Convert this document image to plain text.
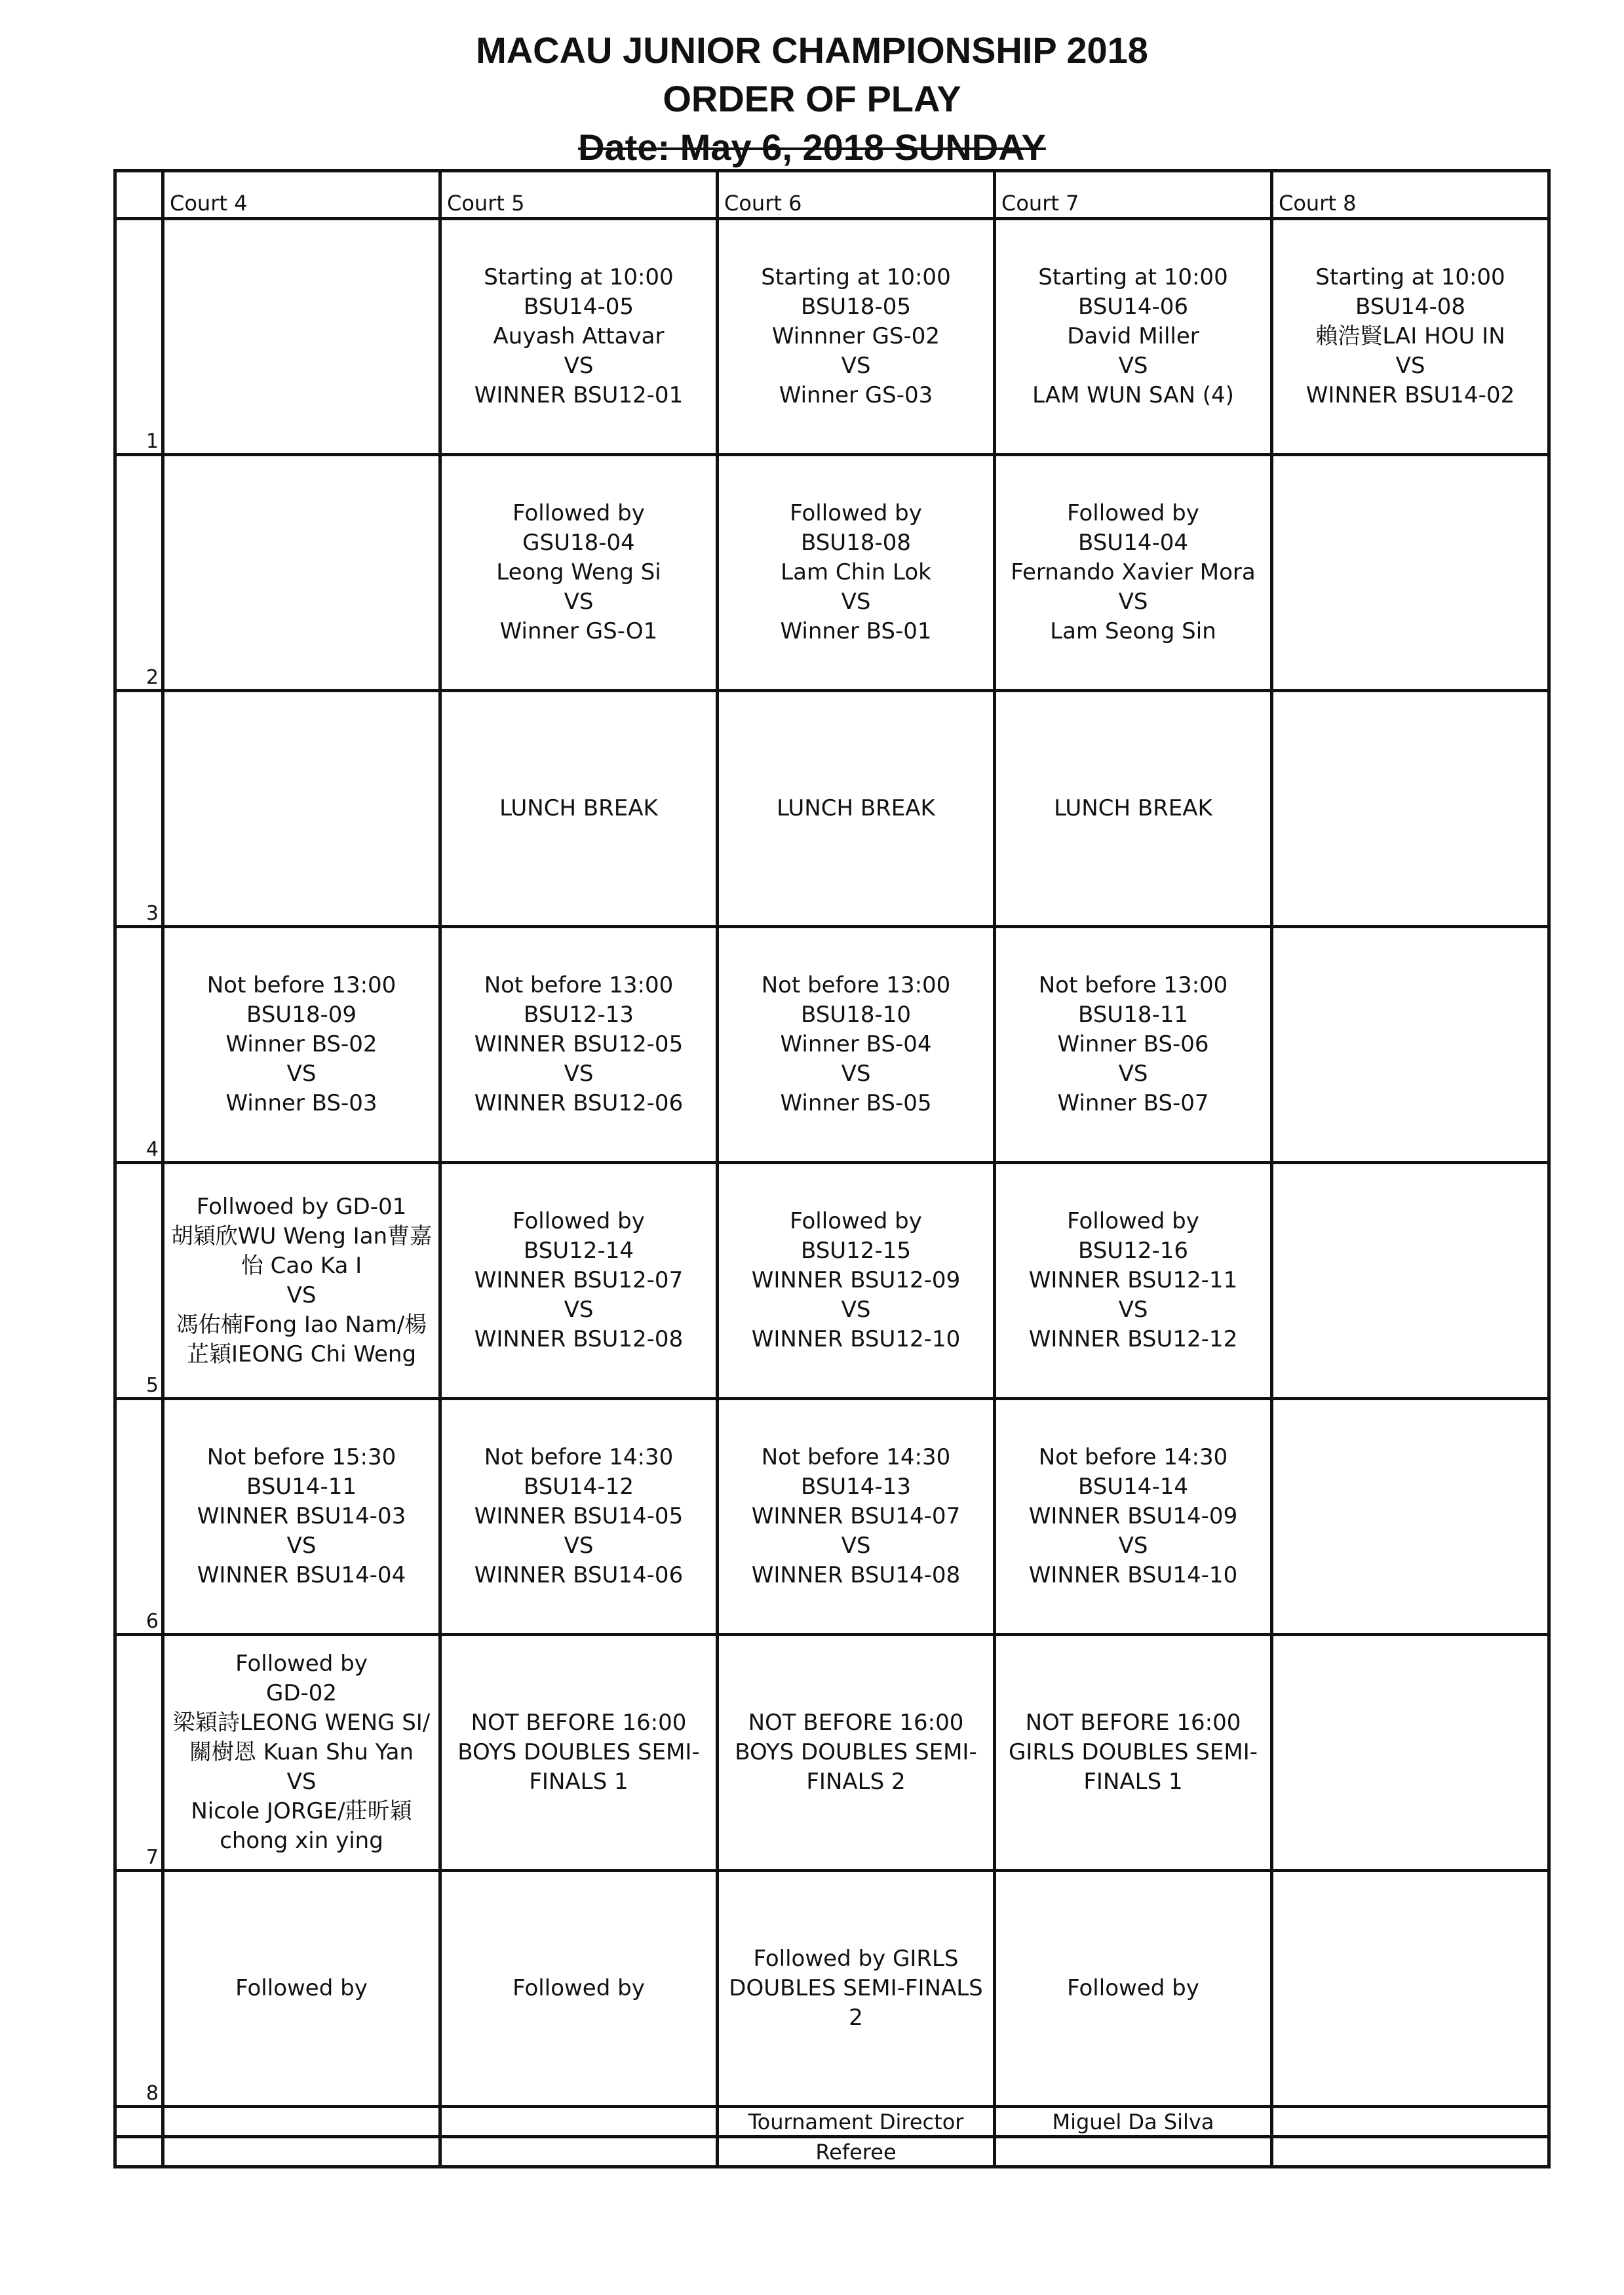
MACAU JUNIOR CHAMPIONSHIP 2018
ORDER OF PLAY
Date: May 6, 2018 SUNDAY
	Court 4	Court 5	Court 6	Court 7	Court 8
1		Starting at 10:00
BSU14-05
Auyash Attavar
VS
WINNER BSU12-01	Starting at 10:00
BSU18-05
Winnner GS-02
VS
Winner GS-03	Starting at 10:00
BSU14-06
David Miller
VS
LAM WUN SAN (4)	Starting at 10:00
BSU14-08
賴浩賢LAI HOU IN
VS
WINNER BSU14-02

2		Followed by
GSU18-04
Leong Weng Si
VS
Winner GS-O1	Followed by
BSU18-08
Lam Chin Lok
VS
Winner BS-01	Followed by
BSU14-04
Fernando Xavier Mora
VS
Lam Seong Sin	

3		LUNCH BREAK	LUNCH BREAK	LUNCH BREAK	

4	Not before 13:00
BSU18-09
Winner BS-02
VS
Winner BS-03	Not before 13:00
BSU12-13
WINNER BSU12-05
VS
WINNER BSU12-06	Not before 13:00
BSU18-10
Winner BS-04
VS
Winner BS-05	Not before 13:00
BSU18-11
Winner BS-06
VS
Winner BS-07	

5	Follwoed by GD-01
胡穎欣WU Weng Ian曹嘉怡 Cao Ka I
VS
馮佑楠Fong Iao Nam/楊芷穎IEONG Chi Weng	Followed by
BSU12-14
WINNER BSU12-07
VS
WINNER BSU12-08	Followed by
BSU12-15
WINNER BSU12-09
VS
WINNER BSU12-10	Followed by
BSU12-16
WINNER BSU12-11
VS
WINNER BSU12-12	

6	Not before 15:30
BSU14-11
WINNER BSU14-03
VS
WINNER BSU14-04	Not before 14:30
BSU14-12
WINNER BSU14-05
VS
WINNER BSU14-06	Not before 14:30
BSU14-13
WINNER BSU14-07
VS
WINNER BSU14-08	Not before 14:30
BSU14-14
WINNER BSU14-09
VS
WINNER BSU14-10	

7	Followed by
GD-02
梁穎詩LEONG WENG SI/關樹恩 Kuan Shu Yan
VS
Nicole JORGE/莊昕穎 chong xin ying	NOT BEFORE 16:00
BOYS DOUBLES SEMI-FINALS 1	NOT BEFORE 16:00
BOYS DOUBLES SEMI-FINALS 2	NOT BEFORE 16:00
GIRLS DOUBLES SEMI-FINALS 1	

8	Followed by	Followed by	Followed by GIRLS DOUBLES SEMI-FINALS 2	Followed by	

			Tournament Director	Miguel Da Silva	
			Referee		
